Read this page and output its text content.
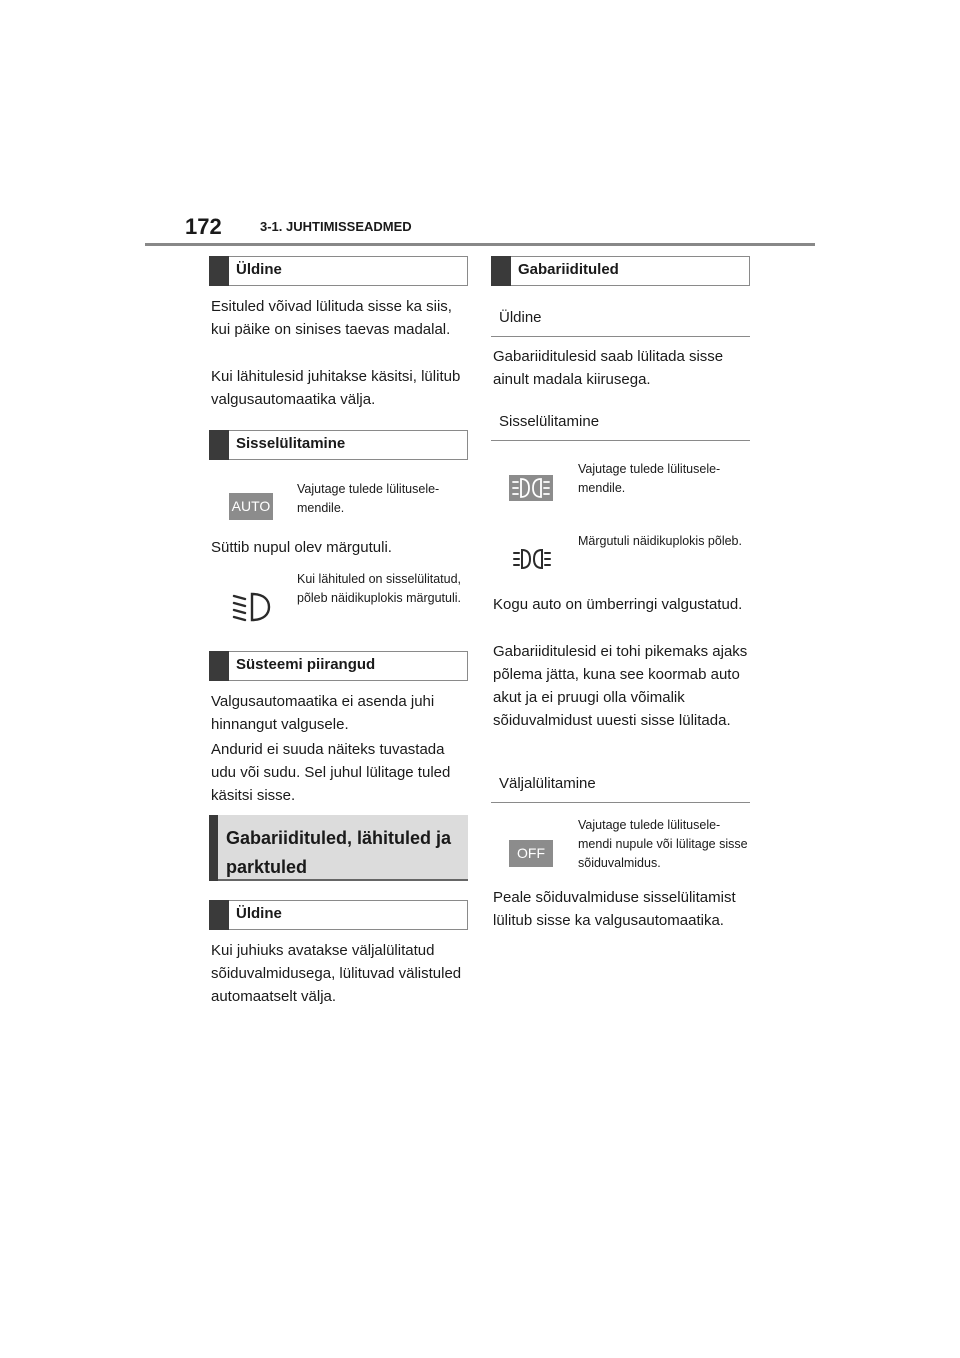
172	3-1. JUHTIMISSEADMED
Üldine
Esituled võivad lülituda sisse ka siis, kui päike on sinises taevas madalal.
Kui lähitulesid juhitakse käsitsi, lülitub valgusautomaatika välja.
Sisselülitamine
AUTO
Vajutage tulede lülitusele-mendile.
Süttib nupul olev märgutuli.
Kui lähituled on sisselülitatud, põleb näidikuplokis märgutuli.
Süsteemi piirangud
Valgusautomaatika ei asenda juhi hinnangut valgusele.
Andurid ei suuda näiteks tuvastada udu või sudu. Sel juhul lülitage tuled käsitsi sisse.
Gabariidituled, lähituled ja parktuled
Üldine
Kui juhiuks avatakse väljalülitatud sõiduvalmidusega, lülituvad välistuled automaatselt välja.
Gabariidituled
Üldine
Gabariiditulesid saab lülitada sisse ainult madala kiirusega.
Sisselülitamine
Vajutage tulede lülitusele-mendile.
Märgutuli näidikuplokis põleb.
Kogu auto on ümberringi valgustatud.
Gabariiditulesid ei tohi pikemaks ajaks põlema jätta, kuna see koormab auto akut ja ei pruugi olla võimalik sõiduvalmidust uuesti sisse lülitada.
Väljalülitamine
OFF
Vajutage tulede lülitusele-mendi nupule või lülitage sisse sõiduvalmidus.
Peale sõiduvalmiduse sisselülitamist lülitub sisse ka valgusautomaatika.
